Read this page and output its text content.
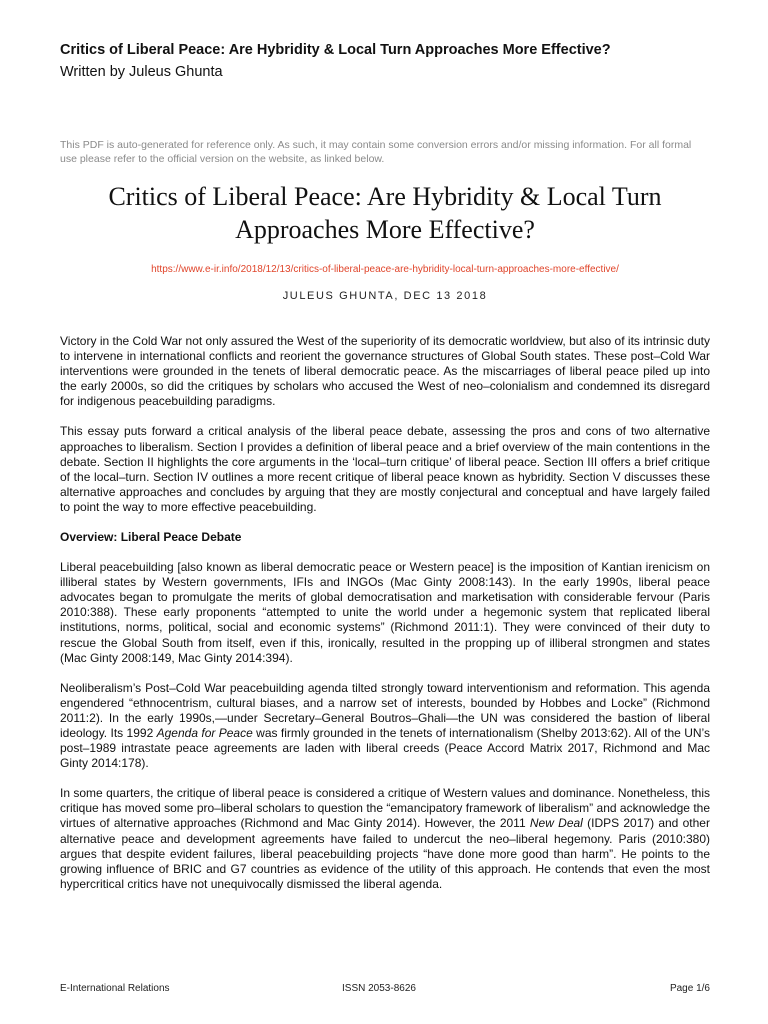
Critics of Liberal Peace: Are Hybridity & Local Turn Approaches More Effective?
Written by Juleus Ghunta
This PDF is auto-generated for reference only. As such, it may contain some conversion errors and/or missing information. For all formal use please refer to the official version on the website, as linked below.
Critics of Liberal Peace: Are Hybridity & Local Turn Approaches More Effective?
https://www.e-ir.info/2018/12/13/critics-of-liberal-peace-are-hybridity-local-turn-approaches-more-effective/
JULEUS GHUNTA, DEC 13 2018

Victory in the Cold War not only assured the West of the superiority of its democratic worldview, but also of its intrinsic duty to intervene in international conflicts and reorient the governance structures of Global South states. These post–Cold War interventions were grounded in the tenets of liberal democratic peace. As the miscarriages of liberal peace piled up into the early 2000s, so did the critiques by scholars who accused the West of neo–colonialism and condemned its disregard for indigenous peacebuilding paradigms.

This essay puts forward a critical analysis of the liberal peace debate, assessing the pros and cons of two alternative approaches to liberalism. Section I provides a definition of liberal peace and a brief overview of the main contentions in the debate. Section II highlights the core arguments in the ‘local–turn critique’ of liberal peace. Section III offers a brief critique of the local–turn. Section IV outlines a more recent critique of liberal peace known as hybridity. Section V discusses these alternative approaches and concludes by arguing that they are mostly conjectural and conceptual and have largely failed to point the way to more effective peacebuilding.

Overview: Liberal Peace Debate

Liberal peacebuilding [also known as liberal democratic peace or Western peace] is the imposition of Kantian irenicism on illiberal states by Western governments, IFIs and INGOs (Mac Ginty 2008:143). In the early 1990s, liberal peace advocates began to promulgate the merits of global democratisation and marketisation with considerable fervour (Paris 2010:388). These early proponents “attempted to unite the world under a hegemonic system that replicated liberal institutions, norms, political, social and economic systems” (Richmond 2011:1). They were convinced of their duty to rescue the Global South from itself, even if this, ironically, resulted in the propping up of illiberal strongmen and states (Mac Ginty 2008:149, Mac Ginty 2014:394).

Neoliberalism’s Post–Cold War peacebuilding agenda tilted strongly toward interventionism and reformation. This agenda engendered “ethnocentrism, cultural biases, and a narrow set of interests, bounded by Hobbes and Locke” (Richmond 2011:2). In the early 1990s,—under Secretary–General Boutros–Ghali—the UN was considered the bastion of liberal ideology. Its 1992 Agenda for Peace was firmly grounded in the tenets of internationalism (Shelby 2013:62). All of the UN’s post–1989 intrastate peace agreements are laden with liberal creeds (Peace Accord Matrix 2017, Richmond and Mac Ginty 2014:178).

In some quarters, the critique of liberal peace is considered a critique of Western values and dominance. Nonetheless, this critique has moved some pro–liberal scholars to question the “emancipatory framework of liberalism” and acknowledge the virtues of alternative approaches (Richmond and Mac Ginty 2014). However, the 2011 New Deal (IDPS 2017) and other alternative peace and development agreements have failed to undercut the neo–liberal hegemony. Paris (2010:380) argues that despite evident failures, liberal peacebuilding projects “have done more good than harm”. He points to the growing influence of BRIC and G7 countries as evidence of the utility of this approach. He contends that even the most hypercritical critics have not unequivocally dismissed the liberal agenda.

E-International Relations	ISSN 2053-8626	Page 1/6
